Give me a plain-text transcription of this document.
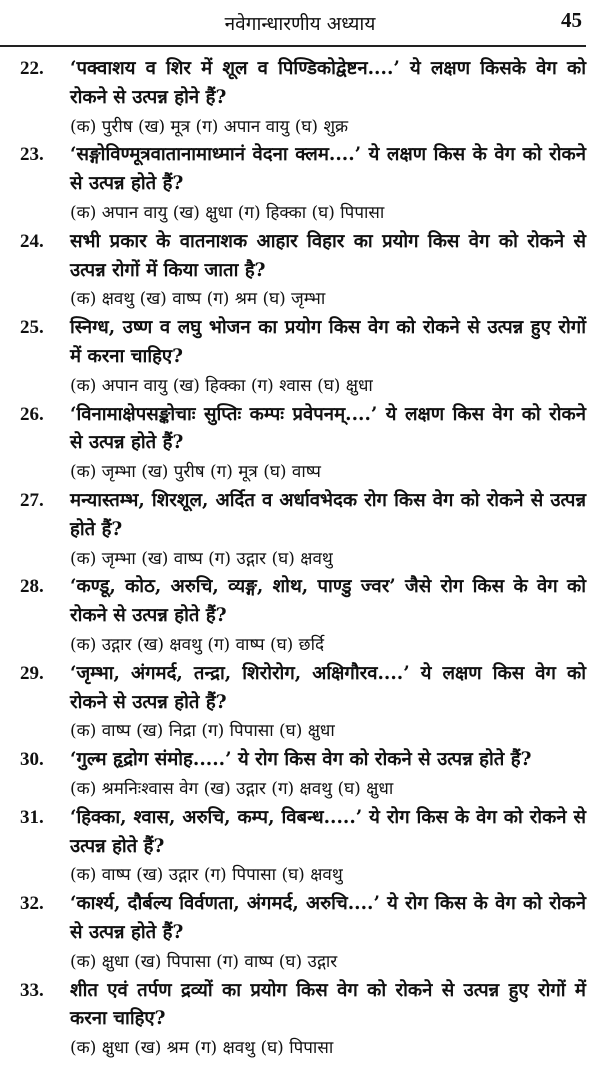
नवेगान्धारणीय अध्याय	45
22.	‘पक्वाशय व शिर में शूल व पिण्डिकोद्वेष्टन....’ ये लक्षण किसके वेग को रोकने से उत्पन्न होने हैं?
(क) पुरीष (ख) मूत्र (ग) अपान वायु (घ) शुक्र
23.	‘सङ्गोविण्मूत्रवातानामाध्मानं वेदना क्लम....’ ये लक्षण किस के वेग को रोकने से उत्पन्न होते हैं?
(क) अपान वायु (ख) क्षुधा (ग) हिक्का (घ) पिपासा
24.	सभी प्रकार के वातनाशक आहार विहार का प्रयोग किस वेग को रोकने से उत्पन्न रोगों में किया जाता है?
(क) क्षवथु (ख) वाष्प (ग) श्रम (घ) जृम्भा
25.	स्निग्ध, उष्ण व लघु भोजन का प्रयोग किस वेग को रोकने से उत्पन्न हुए रोगों में करना चाहिए?
(क) अपान वायु (ख) हिक्का (ग) श्वास (घ) क्षुधा
26.	‘विनामाक्षेपसङ्कोचाः सुप्तिः कम्पः प्रवेपनम्....’ ये लक्षण किस वेग को रोकने से उत्पन्न होते हैं?
(क) जृम्भा (ख) पुरीष (ग) मूत्र (घ) वाष्प
27.	मन्यास्तम्भ, शिरशूल, अर्दित व अर्धावभेदक रोग किस वेग को रोकने से उत्पन्न होते हैं?
(क) जृम्भा (ख) वाष्प (ग) उद्गार (घ) क्षवथु
28.	‘कण्डू, कोठ, अरुचि, व्यङ्ग, शोथ, पाण्डु ज्वर’ जैसे रोग किस के वेग को रोकने से उत्पन्न होते हैं?
(क) उद्गार (ख) क्षवथु (ग) वाष्प (घ) छर्दि
29.	‘जृम्भा, अंगमर्द, तन्द्रा, शिरोरोग, अक्षिगौरव....’ ये लक्षण किस वेग को रोकने से उत्पन्न होते हैं?
(क) वाष्प (ख) निद्रा (ग) पिपासा (घ) क्षुधा
30.	‘गुल्म हृद्रोग संमोह.....’ ये रोग किस वेग को रोकने से उत्पन्न होते हैं?
(क) श्रमनिःश्वास वेग (ख) उद्गार (ग) क्षवथु (घ) क्षुधा
31.	‘हिक्का, श्वास, अरुचि, कम्प, विबन्ध.....’ ये रोग किस के वेग को रोकने से उत्पन्न होते हैं?
(क) वाष्प (ख) उद्गार (ग) पिपासा (घ) क्षवथु
32.	‘कार्श्य, दौर्बल्य विर्वणता, अंगमर्द, अरुचि....’ ये रोग किस के वेग को रोकने से उत्पन्न होते हैं?
(क) क्षुधा (ख) पिपासा (ग) वाष्प (घ) उद्गार
33.	शीत एवं तर्पण द्रव्यों का प्रयोग किस वेग को रोकने से उत्पन्न हुए रोगों में करना चाहिए?
(क) क्षुधा (ख) श्रम (ग) क्षवथु (घ) पिपासा
